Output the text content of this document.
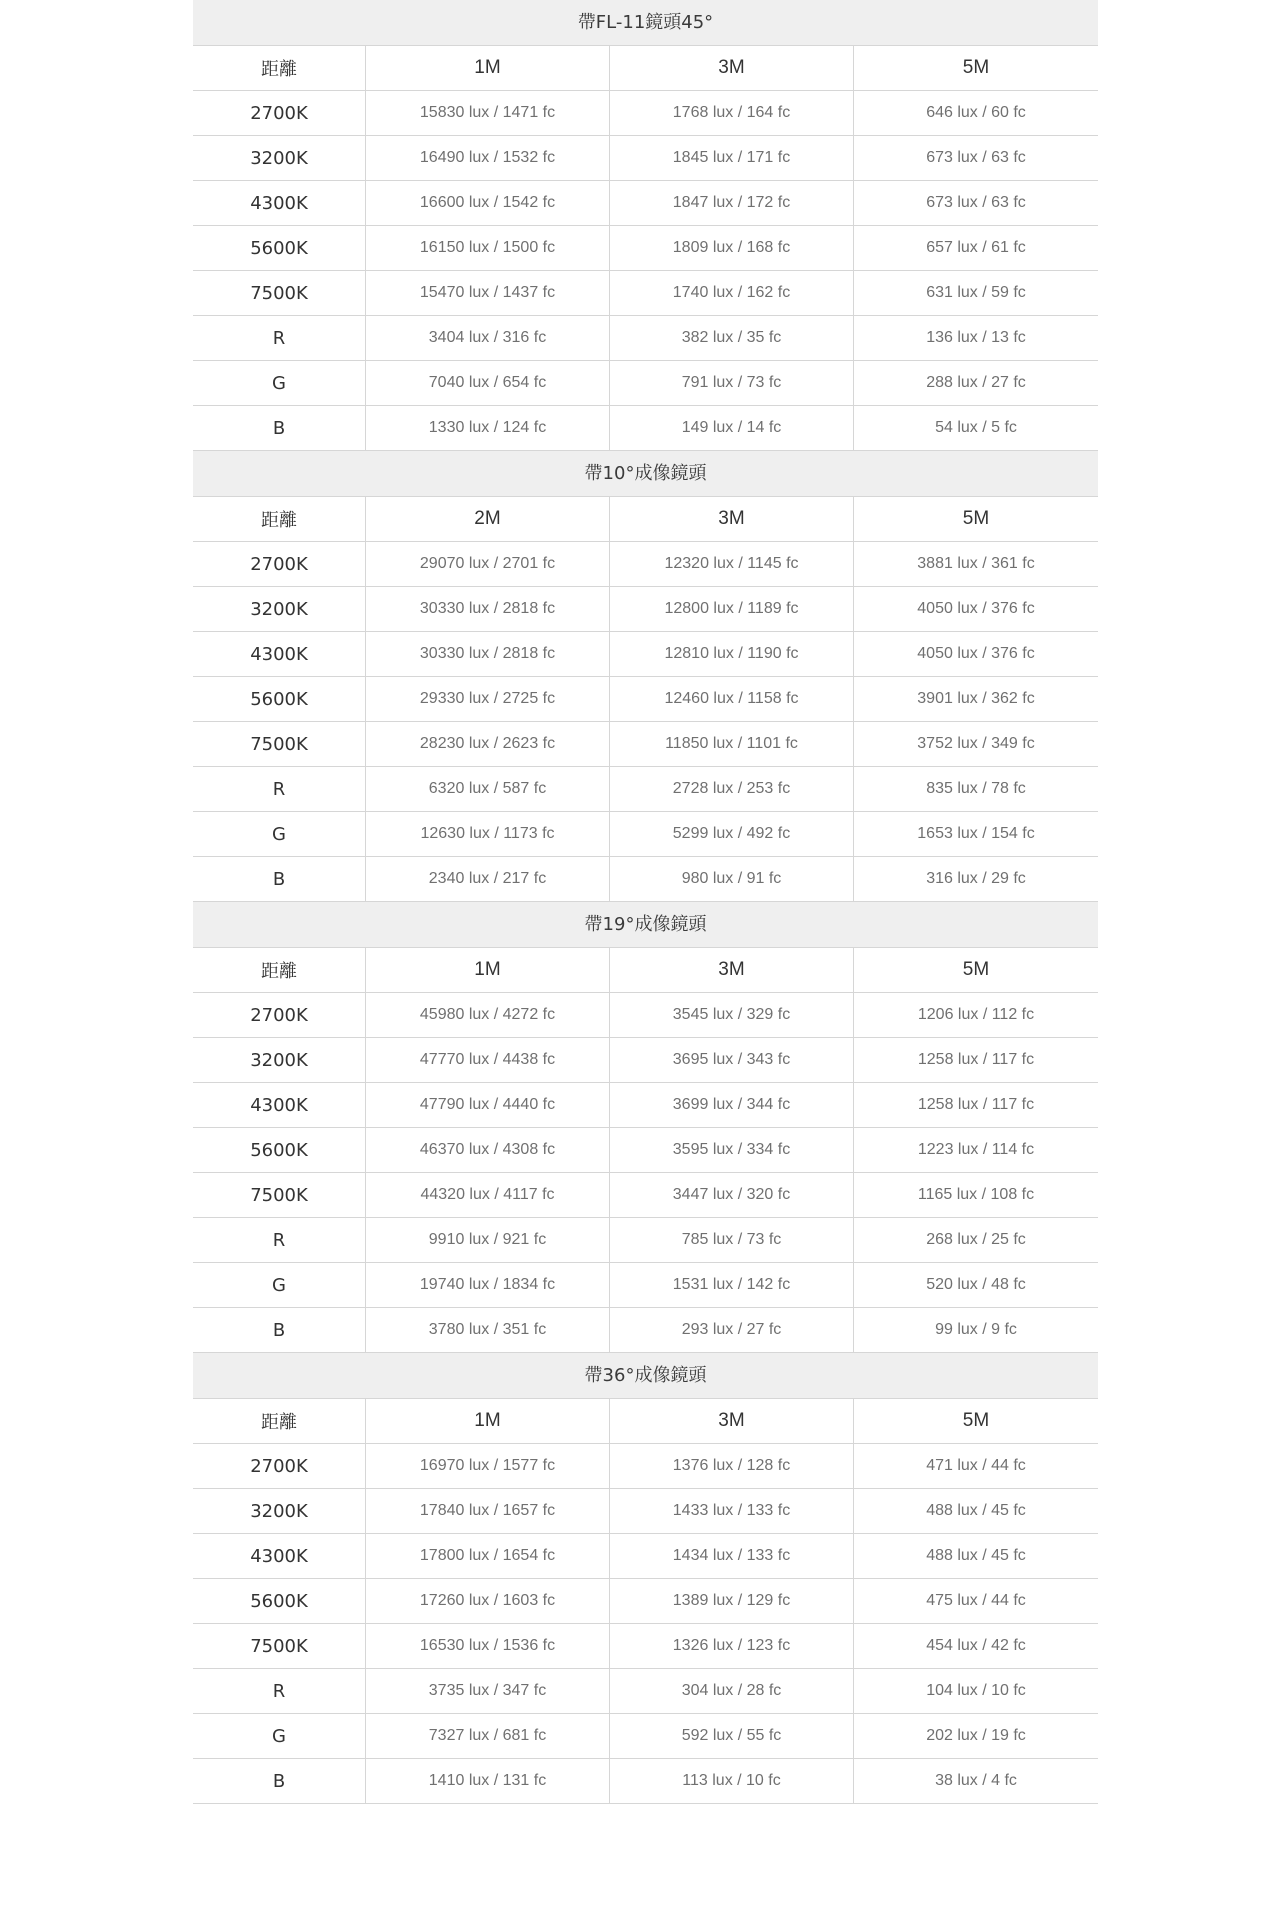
帶FL-11鏡頭45°
距離	1M	3M	5M
2700K	15830 lux / 1471 fc	1768 lux / 164 fc	646 lux / 60 fc
3200K	16490 lux / 1532 fc	1845 lux / 171 fc	673 lux / 63 fc
4300K	16600 lux / 1542 fc	1847 lux / 172 fc	673 lux / 63 fc
5600K	16150 lux / 1500 fc	1809 lux / 168 fc	657 lux / 61 fc
7500K	15470 lux / 1437 fc	1740 lux / 162 fc	631 lux / 59 fc
R	3404 lux / 316 fc	382 lux / 35 fc	136 lux / 13 fc
G	7040 lux / 654 fc	791 lux / 73 fc	288 lux / 27 fc
B	1330 lux / 124 fc	149 lux / 14 fc	54 lux / 5 fc
帶10°成像鏡頭
距離	2M	3M	5M
2700K	29070 lux / 2701 fc	12320 lux / 1145 fc	3881 lux / 361 fc
3200K	30330 lux / 2818 fc	12800 lux / 1189 fc	4050 lux / 376 fc
4300K	30330 lux / 2818 fc	12810 lux / 1190 fc	4050 lux / 376 fc
5600K	29330 lux / 2725 fc	12460 lux / 1158 fc	3901 lux / 362 fc
7500K	28230 lux / 2623 fc	11850 lux / 1101 fc	3752 lux / 349 fc
R	6320 lux / 587 fc	2728 lux / 253 fc	835 lux / 78 fc
G	12630 lux / 1173 fc	5299 lux / 492 fc	1653 lux / 154 fc
B	2340 lux / 217 fc	980 lux / 91 fc	316 lux / 29 fc
帶19°成像鏡頭
距離	1M	3M	5M
2700K	45980 lux / 4272 fc	3545 lux / 329 fc	1206 lux / 112 fc
3200K	47770 lux / 4438 fc	3695 lux / 343 fc	1258 lux / 117 fc
4300K	47790 lux / 4440 fc	3699 lux / 344 fc	1258 lux / 117 fc
5600K	46370 lux / 4308 fc	3595 lux / 334 fc	1223 lux / 114 fc
7500K	44320 lux / 4117 fc	3447 lux / 320 fc	1165 lux / 108 fc
R	9910 lux / 921 fc	785 lux / 73 fc	268 lux / 25 fc
G	19740 lux / 1834 fc	1531 lux / 142 fc	520 lux / 48 fc
B	3780 lux / 351 fc	293 lux / 27 fc	99 lux / 9 fc
帶36°成像鏡頭
距離	1M	3M	5M
2700K	16970 lux / 1577 fc	1376 lux / 128 fc	471 lux / 44 fc
3200K	17840 lux / 1657 fc	1433 lux / 133 fc	488 lux / 45 fc
4300K	17800 lux / 1654 fc	1434 lux / 133 fc	488 lux / 45 fc
5600K	17260 lux / 1603 fc	1389 lux / 129 fc	475 lux / 44 fc
7500K	16530 lux / 1536 fc	1326 lux / 123 fc	454 lux / 42 fc
R	3735 lux / 347 fc	304 lux / 28 fc	104 lux / 10 fc
G	7327 lux / 681 fc	592 lux / 55 fc	202 lux / 19 fc
B	1410 lux / 131 fc	113 lux / 10 fc	38 lux / 4 fc
